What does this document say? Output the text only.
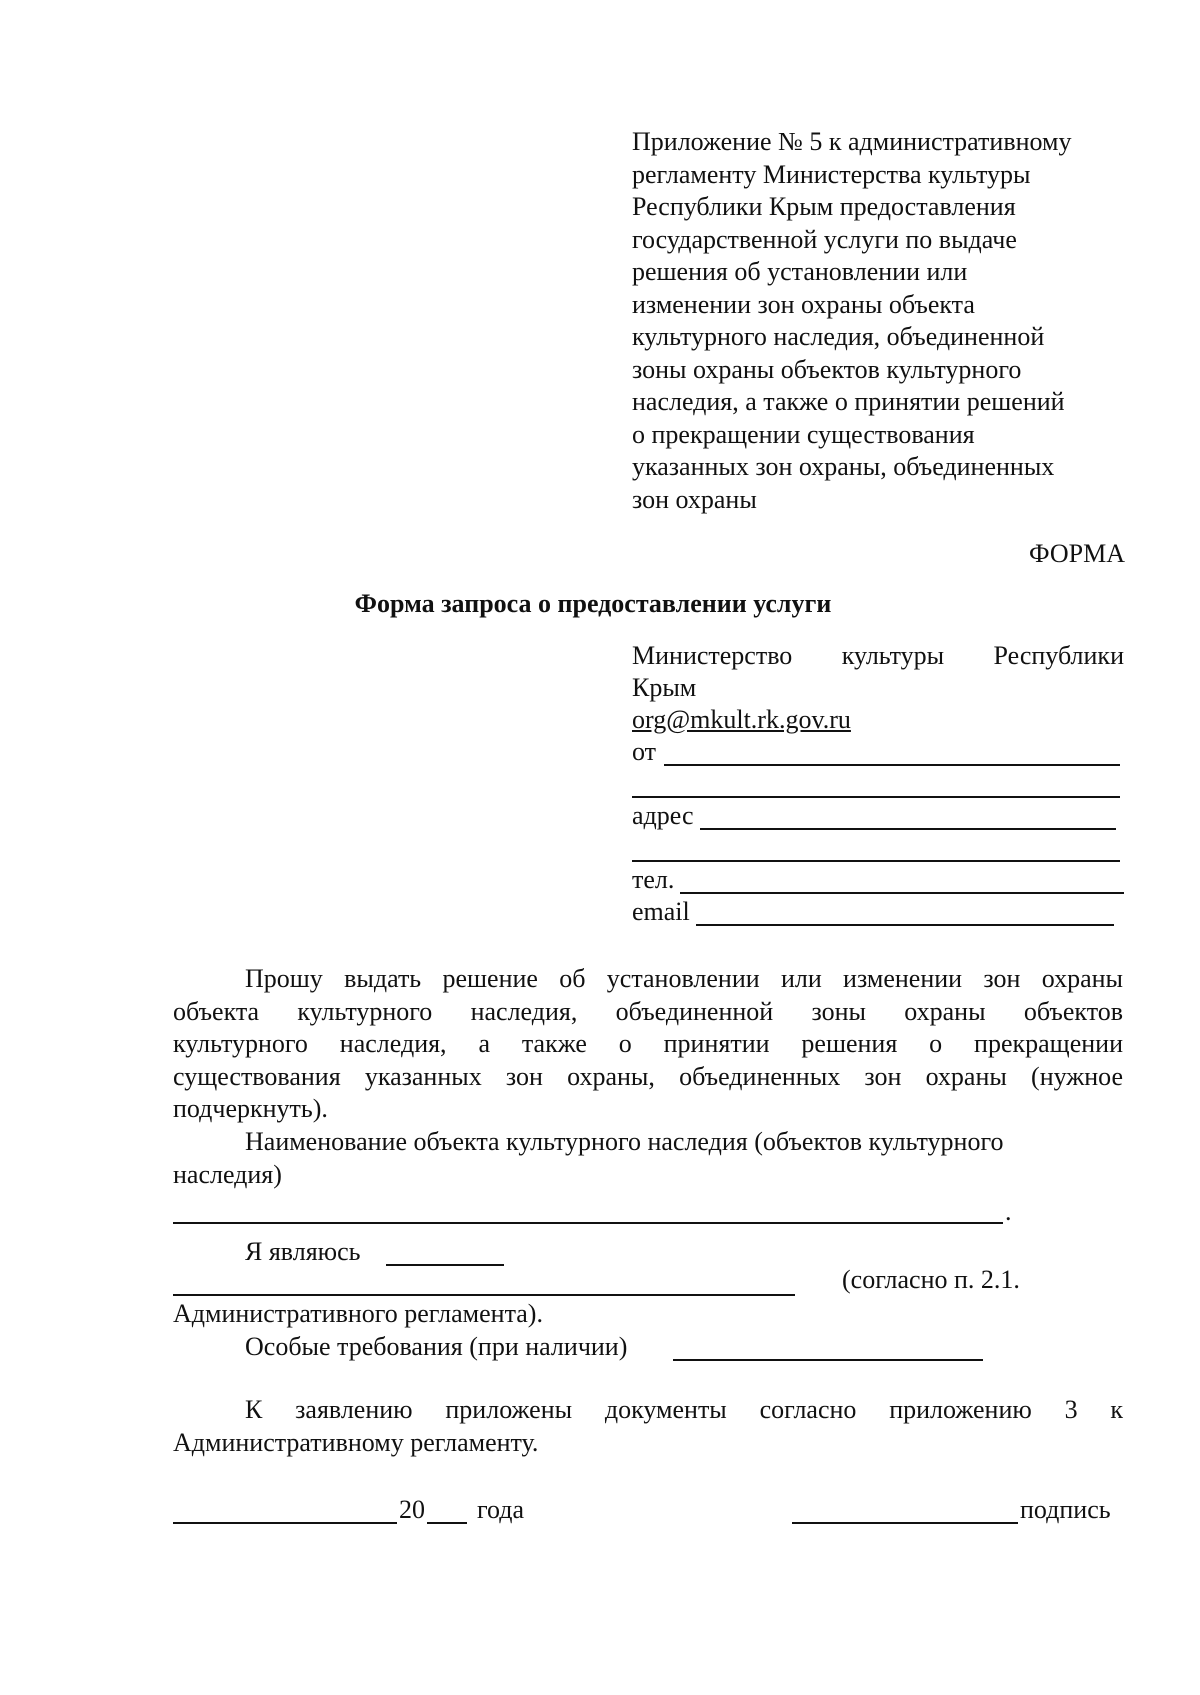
Приложение № 5 к административному
регламенту Министерства культуры
Республики Крым предоставления
государственной услуги по выдаче
решения об установлении или
изменении зон охраны объекта
культурного наследия, объединенной
зоны охраны объектов культурного
наследия, а также о принятии решений
о прекращении существования
указанных зон охраны, объединенных
зон охраны
ФОРМА
Форма запроса о предоставлении услуги
Министерство культуры Республики
Крым
org@mkult.rk.gov.ru
от
адрес
тел.
email
Прошу выдать решение об установлении или изменении зон охраны
объекта культурного наследия, объединенной зоны охраны объектов
культурного наследия, а также о принятии решения о прекращении
существования указанных зон охраны, объединенных зон охраны (нужное
подчеркнуть).
Наименование объекта культурного наследия (объектов культурного
наследия)
.
Я являюсь
(согласно п. 2.1.
Административного регламента).
Особые требования (при наличии)
К заявлению приложены документы согласно приложению 3 к
Административному регламенту.
20 года	подпись
